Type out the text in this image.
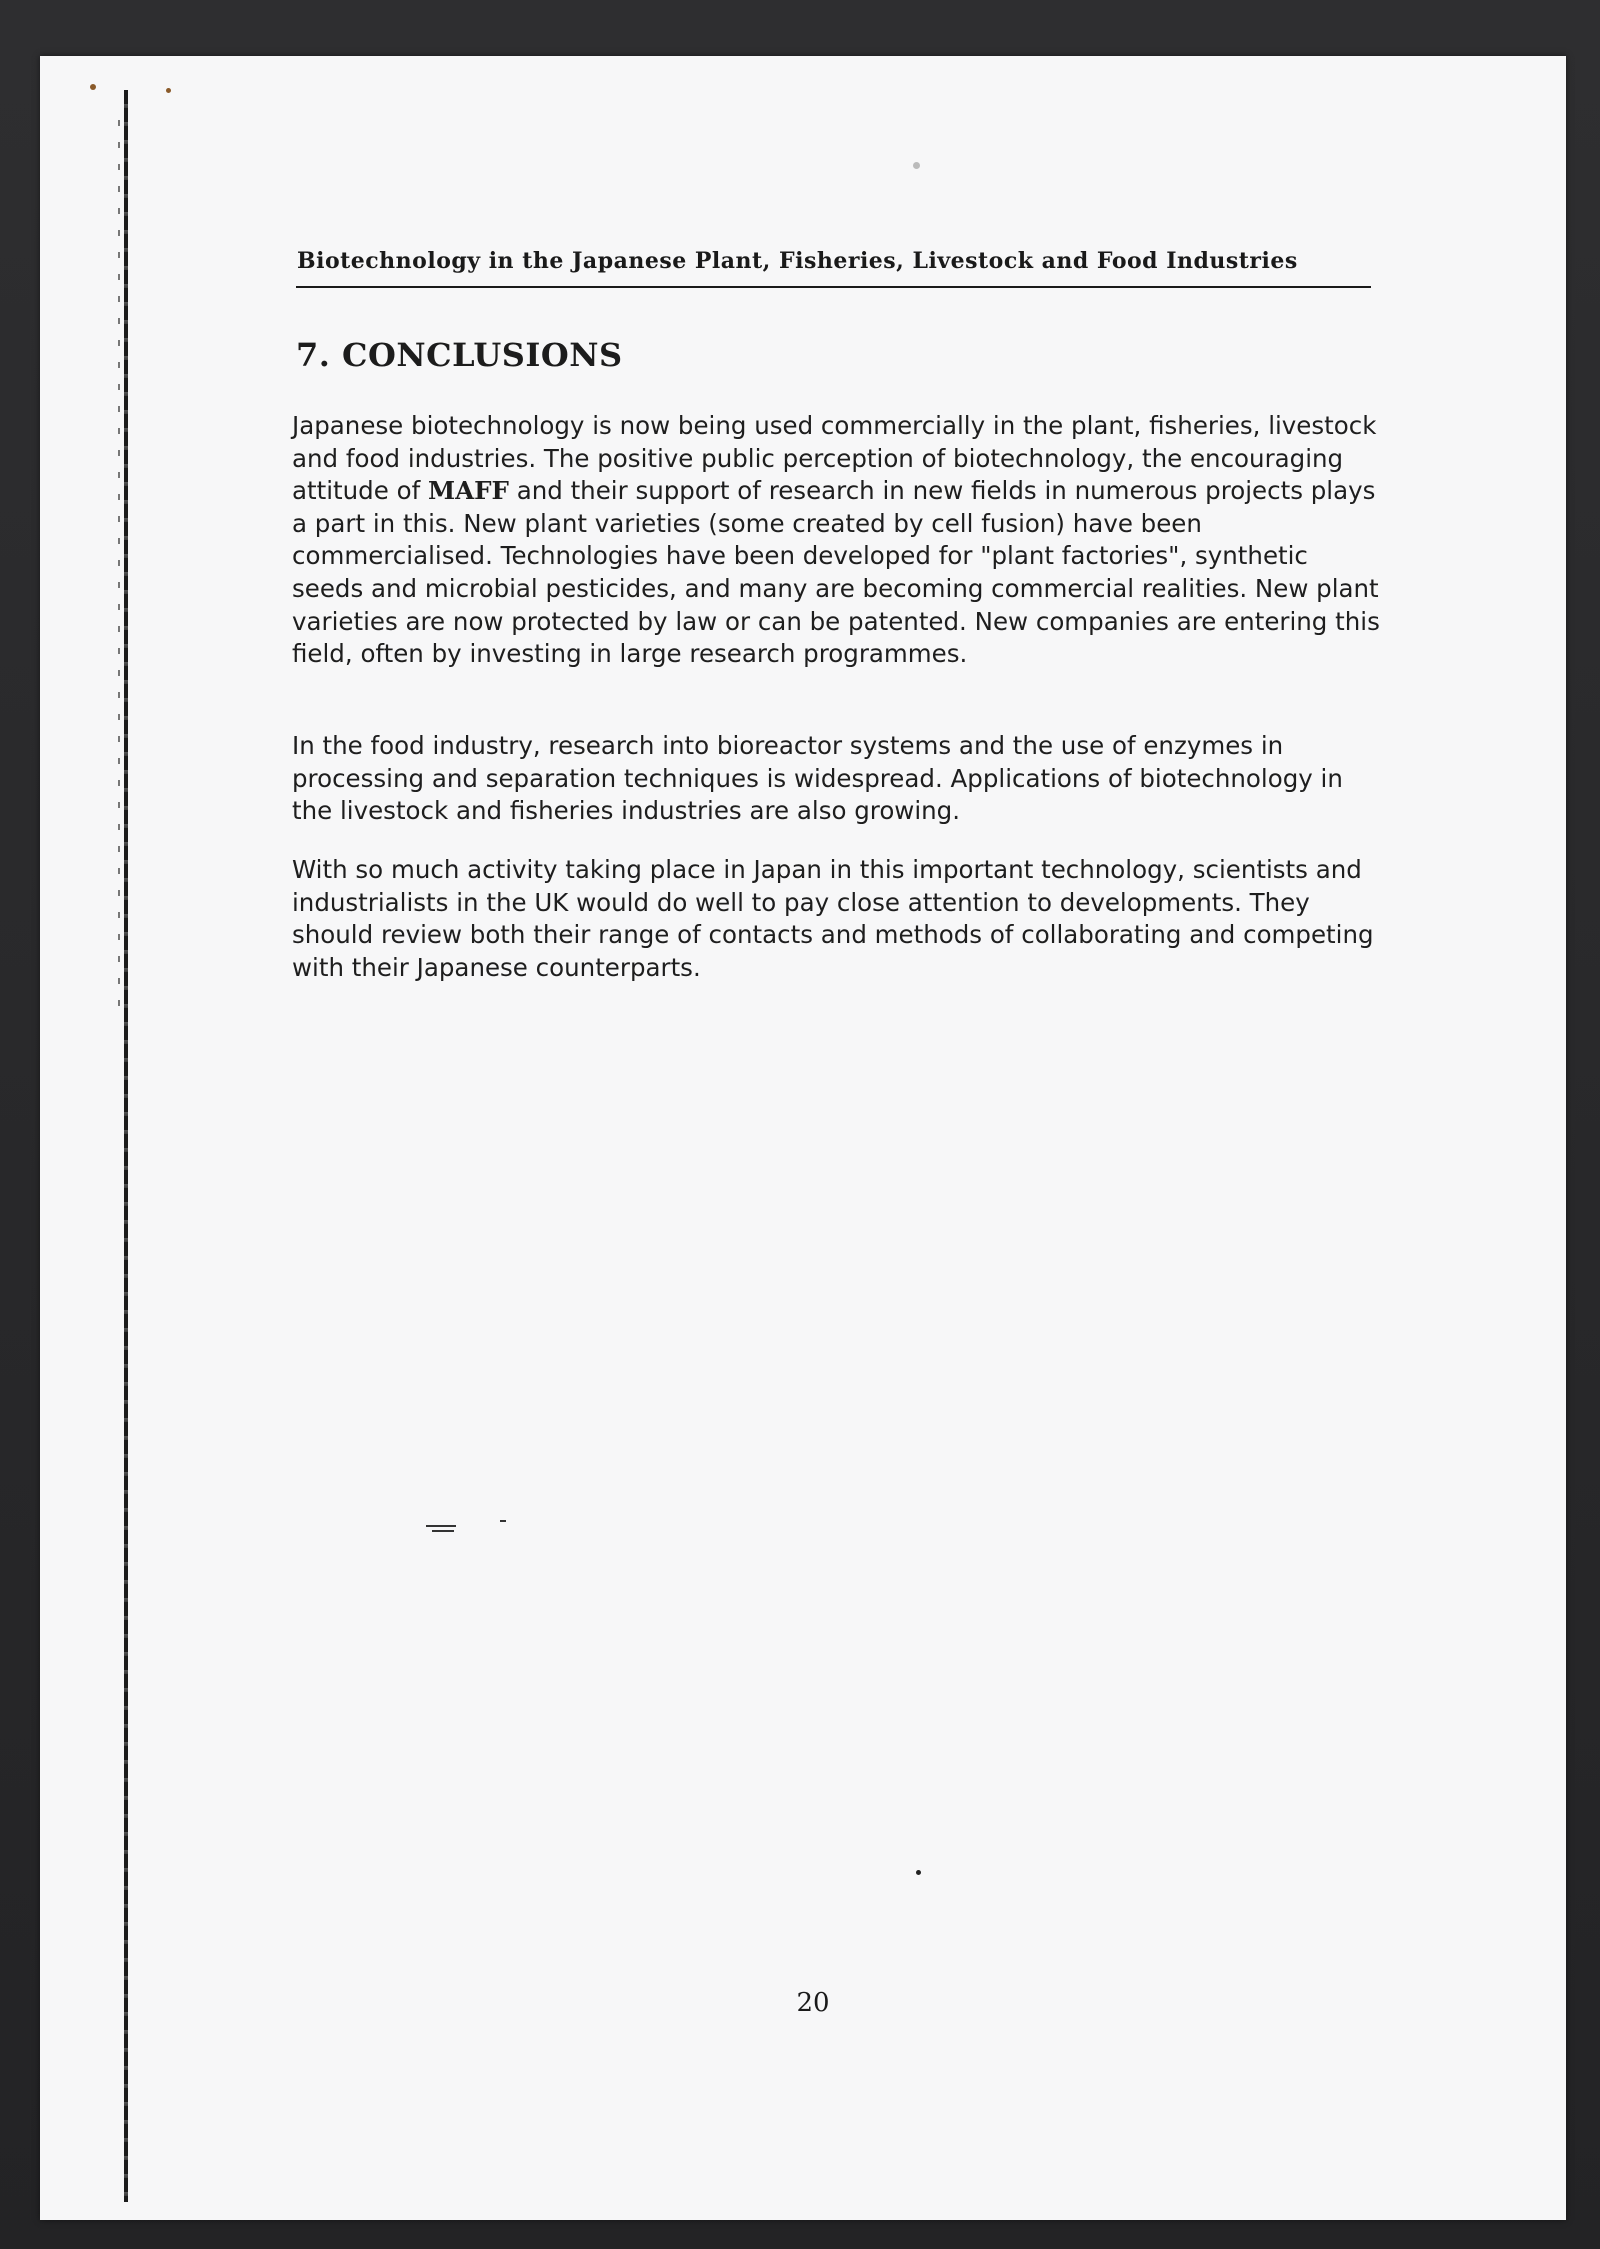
Biotechnology in the Japanese Plant, Fisheries, Livestock and Food Industries
7. CONCLUSIONS

Japanese biotechnology is now being used commercially in the plant, fisheries, livestock and food industries. The positive public perception of biotechnology, the encouraging attitude of MAFF and their support of research in new fields in numerous projects plays a part in this. New plant varieties (some created by cell fusion) have been commercialised. Technologies have been developed for "plant factories", synthetic seeds and microbial pesticides, and many are becoming commercial realities. New plant varieties are now protected by law or can be patented. New companies are entering this field, often by investing in large research programmes.

In the food industry, research into bioreactor systems and the use of enzymes in processing and separation techniques is widespread. Applications of biotechnology in the livestock and fisheries industries are also growing.

With so much activity taking place in Japan in this important technology, scientists and industrialists in the UK would do well to pay close attention to developments. They should review both their range of contacts and methods of collaborating and competing with their Japanese counterparts.

20
